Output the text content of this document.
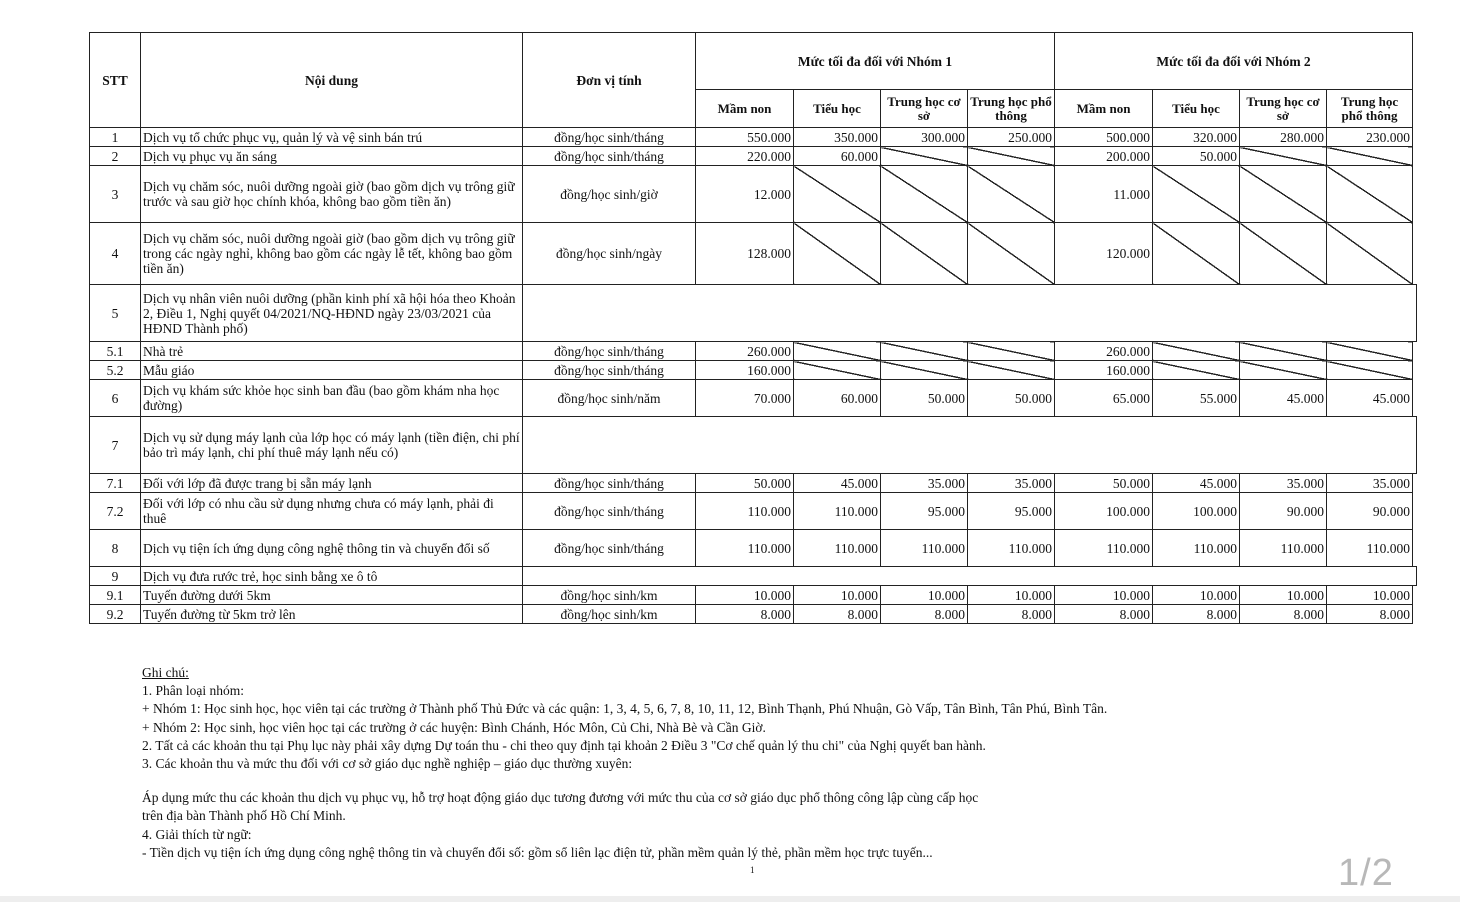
STT	Nội dung	Đơn vị tính	Mức tối đa đối với Nhóm 1				Mức tối đa đối với Nhóm 2			
			Mầm non	Tiểu học	Trung học cơ sở	Trung học phổ thông	Mầm non	Tiểu học	Trung học cơ sở	Trung học phổ thông
1	Dịch vụ tổ chức phục vụ, quản lý và vệ sinh bán trú	đồng/học sinh/tháng	550.000	350.000	300.000	250.000	500.000	320.000	280.000	230.000
2	Dịch vụ phục vụ ăn sáng	đồng/học sinh/tháng	220.000	60.000			200.000	50.000		
3	Dịch vụ chăm sóc, nuôi dưỡng ngoài giờ (bao gồm dịch vụ trông giữ trước và sau giờ học chính khóa, không bao gồm tiền ăn)	đồng/học sinh/giờ	12.000				11.000			
4	Dịch vụ chăm sóc, nuôi dưỡng ngoài giờ (bao gồm dịch vụ trông giữ trong các ngày nghỉ, không bao gồm các ngày lễ tết, không bao gồm tiền ăn)	đồng/học sinh/ngày	128.000				120.000			
5	Dịch vụ nhân viên nuôi dưỡng (phần kinh phí xã hội hóa theo Khoản 2, Điều 1, Nghị quyết 04/2021/NQ-HĐND ngày 23/03/2021 của HĐND Thành phố)									
5.1	Nhà trẻ	đồng/học sinh/tháng	260.000				260.000			
5.2	Mẫu giáo	đồng/học sinh/tháng	160.000				160.000			
6	Dịch vụ khám sức khỏe học sinh ban đầu (bao gồm khám nha học đường)	đồng/học sinh/năm	70.000	60.000	50.000	50.000	65.000	55.000	45.000	45.000
7	Dịch vụ sử dụng máy lạnh của lớp học có máy lạnh (tiền điện, chi phí bảo trì máy lạnh, chi phí thuê máy lạnh nếu có)									
7.1	Đối với lớp đã được trang bị sẵn máy lạnh	đồng/học sinh/tháng	50.000	45.000	35.000	35.000	50.000	45.000	35.000	35.000
7.2	Đối với lớp có nhu cầu sử dụng nhưng chưa có máy lạnh, phải đi thuê	đồng/học sinh/tháng	110.000	110.000	95.000	95.000	100.000	100.000	90.000	90.000
8	Dịch vụ tiện ích ứng dụng công nghệ thông tin và chuyển đổi số	đồng/học sinh/tháng	110.000	110.000	110.000	110.000	110.000	110.000	110.000	110.000
9	Dịch vụ đưa rước trẻ, học sinh bằng xe ô tô									
9.1	Tuyến đường dưới 5km	đồng/học sinh/km	10.000	10.000	10.000	10.000	10.000	10.000	10.000	10.000
9.2	Tuyến đường từ 5km trở lên	đồng/học sinh/km	8.000	8.000	8.000	8.000	8.000	8.000	8.000	8.000
Ghi chú:
1. Phân loại nhóm:
+ Nhóm 1: Học sinh học, học viên tại các trường ở Thành phố Thủ Đức và các quận: 1, 3, 4, 5, 6, 7, 8, 10, 11, 12, Bình Thạnh, Phú Nhuận, Gò Vấp, Tân Bình, Tân Phú, Bình Tân.
+ Nhóm 2: Học sinh, học viên học tại các trường ở các huyện: Bình Chánh, Hóc Môn, Củ Chi, Nhà Bè và Cần Giờ.
2. Tất cả các khoản thu tại Phụ lục này phải xây dựng Dự toán thu - chi theo quy định tại khoản 2 Điều 3 "Cơ chế quản lý thu chi" của Nghị quyết ban hành.
3. Các khoản thu và mức thu đối với cơ sở giáo dục nghề nghiệp – giáo dục thường xuyên:
Áp dụng mức thu các khoản thu dịch vụ phục vụ, hỗ trợ hoạt động giáo dục tương đương với mức thu của cơ sở giáo dục phổ thông công lập cùng cấp học
trên địa bàn Thành phố Hồ Chí Minh.
4. Giải thích từ ngữ:
- Tiền dịch vụ tiện ích ứng dụng công nghệ thông tin và chuyển đổi số: gồm sổ liên lạc điện tử, phần mềm quản lý thẻ, phần mềm học trực tuyến...
1	1/2
